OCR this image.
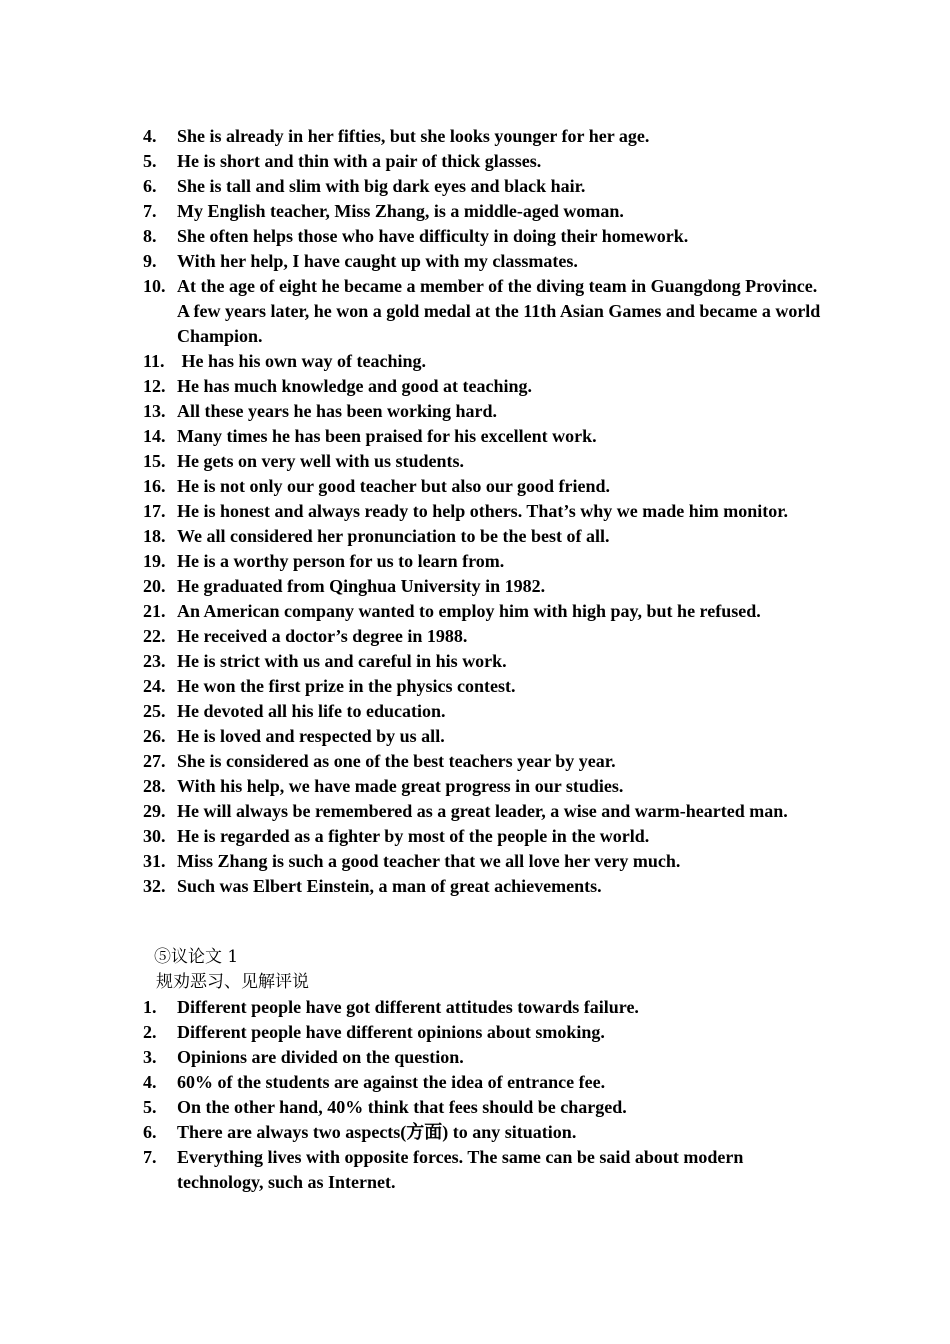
4.	She is already in her fifties, but she looks younger for her age.
5.	He is short and thin with a pair of thick glasses.
6.	She is tall and slim with big dark eyes and black hair.
7.	My English teacher, Miss Zhang, is a middle-aged woman.
8.	She often helps those who have difficulty in doing their homework.
9.	With her help, I have caught up with my classmates.
10. At the age of eight he became a member of the diving team in Guangdong Province. A few years later, he won a gold medal at the 11th Asian Games and became a world Champion.
11. He has his own way of teaching.
12. He has much knowledge and good at teaching.
13. All these years he has been working hard.
14. Many times he has been praised for his excellent work.
15. He gets on very well with us students.
16. He is not only our good teacher but also our good friend.
17. He is honest and always ready to help others. That’s why we made him monitor.
18. We all considered her pronunciation to be the best of all.
19. He is a worthy person for us to learn from.
20. He graduated from Qinghua University in 1982.
21. An American company wanted to employ him with high pay, but he refused.
22. He received a doctor’s degree in 1988.
23. He is strict with us and careful in his work.
24. He won the first prize in the physics contest.
25. He devoted all his life to education.
26. He is loved and respected by us all.
27. She is considered as one of the best teachers year by year.
28. With his help, we have made great progress in our studies.
29. He will always be remembered as a great leader, a wise and warm-hearted man.
30. He is regarded as a fighter by most of the people in the world.
31. Miss Zhang is such a good teacher that we all love her very much.
32. Such was Elbert Einstein, a man of great achievements.
⑤议论文 1
规劝恶习、见解评说
1.	Different people have got different attitudes towards failure.
2.	Different people have different opinions about smoking.
3.	Opinions are divided on the question.
4.	60% of the students are against the idea of entrance fee.
5.	On the other hand, 40% think that fees should be charged.
6.	There are always two aspects(方面) to any situation.
7.	Everything lives with opposite forces. The same can be said about modern technology, such as Internet.
